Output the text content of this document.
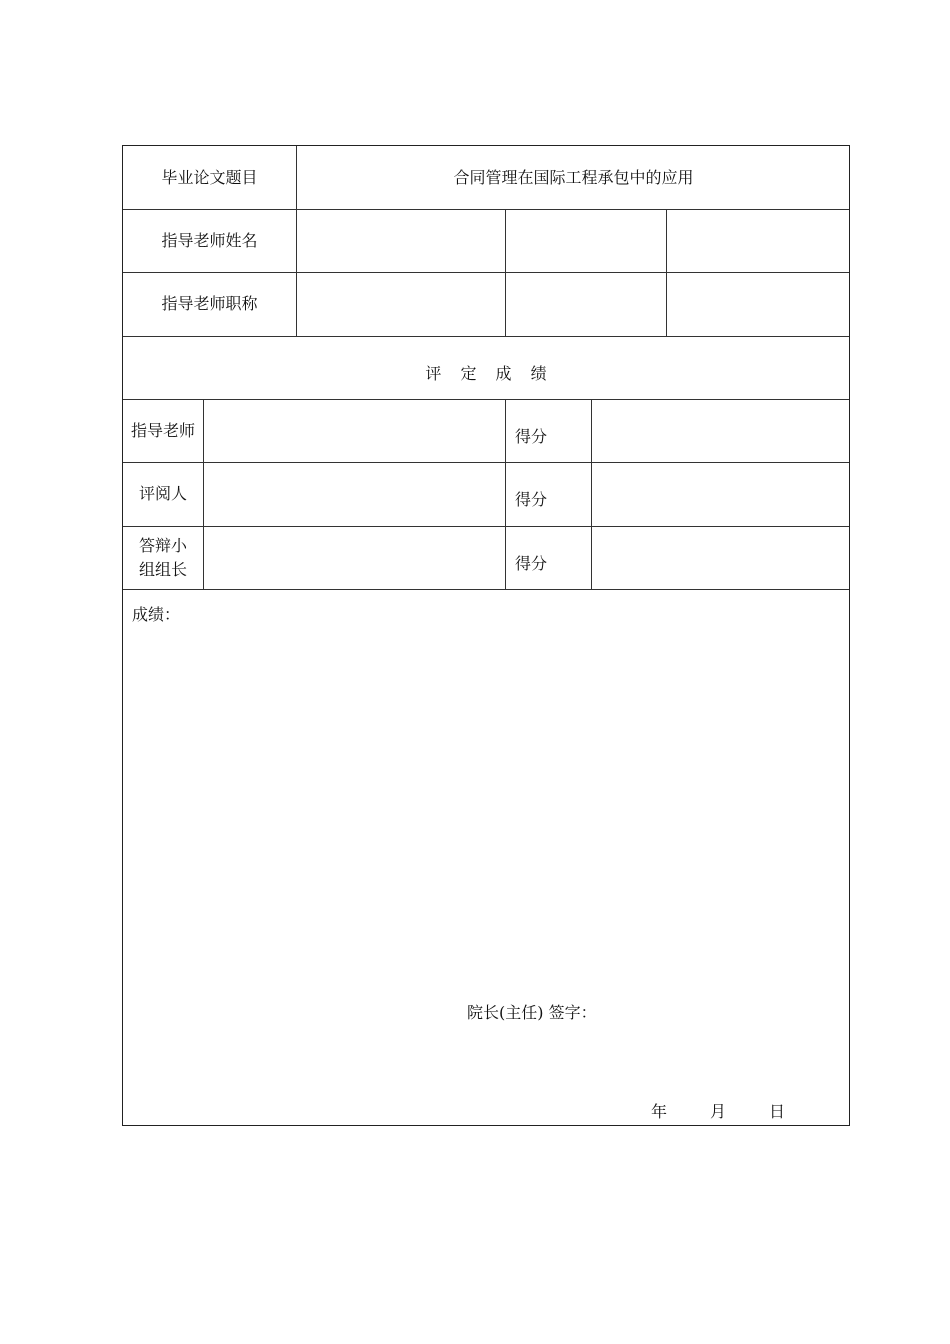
毕业论文题目	合同管理在国际工程承包中的应用
指导老师姓名
指导老师职称
评 定 成 绩
指导老师	得分
评阅人	得分
答辩小组组长	得分
成绩：
院长(主任) 签字：
年	月	日
